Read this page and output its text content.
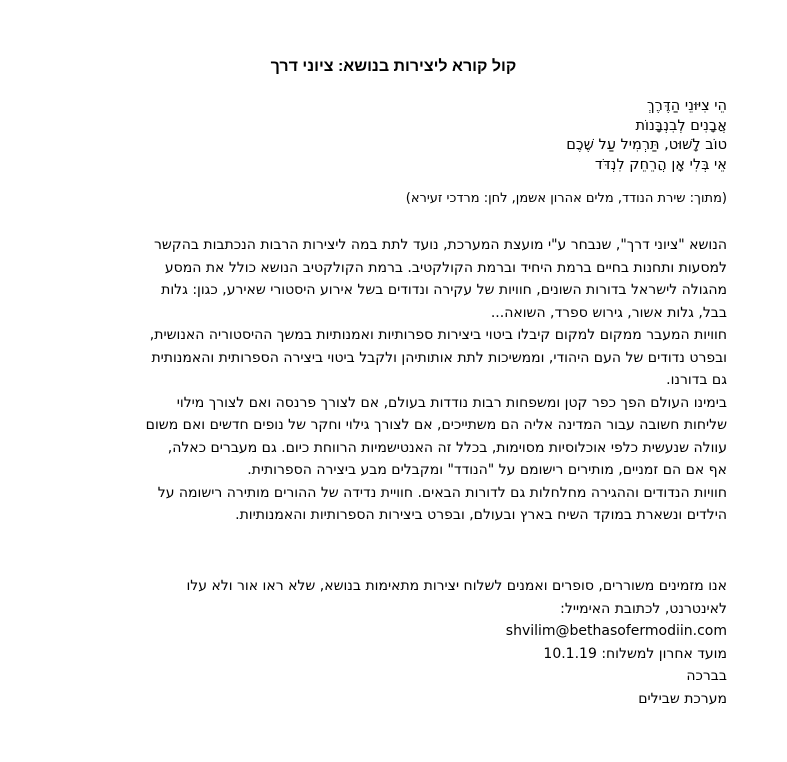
קול קורא ליצירות בנושא: ציוני דרך
הֵי צִיּוּנֵי הַדֶּרֶךְ
אֲבָנִים לְבִנְבָּנוֹת
טוֹב לָשׁוּט, תַּרְמִיל עַל שֶׁכֶם
אֵי בְּלִי אָן הֲרֵחֵק לִנְדֹּד
(מתוך: שירת הנודד, מלים אהרון אשמן, לחן: מרדכי זעירא)
הנושא "ציוני דרך", שנבחר ע"י מועצת המערכת, נועד לתת במה ליצירות הרבות הנכתבות בהקשר
למסעות ותחנות בחיים ברמת היחיד וברמת הקולקטיב. ברמת הקולקטיב הנושא כולל את המסע
מהגולה לישראל בדורות השונים, חוויות של עקירה ונדודים בשל אירוע היסטורי שאירע, כגון: גלות
בבל, גלות אשור, גירוש ספרד, השואה...
חוויות המעבר ממקום למקום קיבלו ביטוי ביצירות ספרותיות ואמנותיות במשך ההיסטוריה האנושית,
ובפרט נדודים של העם היהודי, וממשיכות לתת אותותיהן ולקבל ביטוי ביצירה הספרותית והאמנותית
גם בדורנו.
בימינו העולם הפך כפר קטן ומשפחות רבות נודדות בעולם, אם לצורך פרנסה ואם לצורך מילוי
שליחות חשובה עבור המדינה אליה הם משתייכים, אם לצורך גילוי וחקר של נופים חדשים ואם משום
עוולה שנעשית כלפי אוכלוסיות מסוימות, בכלל זה האנטישמיות הרווחת כיום. גם מעברים כאלה,
אף אם הם זמניים, מותירים רישומם על "הנודד" ומקבלים מבע ביצירה הספרותית.
חוויות הנדודים וההגירה מחלחלות גם לדורות הבאים. חוויית נדידה של ההורים מותירה רישומה על
הילדים ונשארת במוקד השיח בארץ ובעולם, ובפרט ביצירות הספרותיות והאמנותיות.
אנו מזמינים משוררים, סופרים ואמנים לשלוח יצירות מתאימות בנושא, שלא ראו אור ולא עלו
לאינטרנט, לכתובת האימייל:
shvilim@bethasofermodiin.com
מועד אחרון למשלוח: 10.1.19
בברכה
מערכת שבילים
